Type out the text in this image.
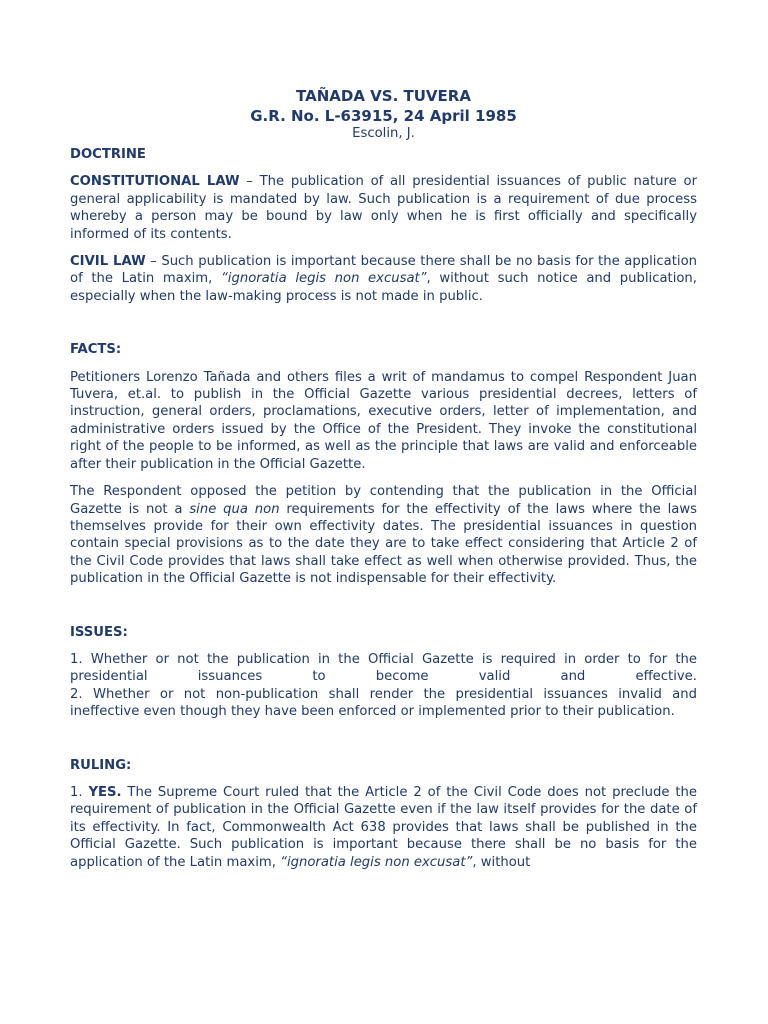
TAÑADA VS. TUVERA
G.R. No. L-63915, 24 April 1985
Escolin, J.
DOCTRINE

CONSTITUTIONAL LAW – The publication of all presidential issuances of public nature or general applicability is mandated by law. Such publication is a requirement of due process whereby a person may be bound by law only when he is first officially and specifically informed of its contents.

CIVIL LAW – Such publication is important because there shall be no basis for the application of the Latin maxim, “ignoratia legis non excusat”, without such notice and publication, especially when the law-making process is not made in public.

FACTS:

Petitioners Lorenzo Tañada and others files a writ of mandamus to compel Respondent Juan Tuvera, et.al. to publish in the Official Gazette various presidential decrees, letters of instruction, general orders, proclamations, executive orders, letter of implementation, and administrative orders issued by the Office of the President. They invoke the constitutional right of the people to be informed, as well as the principle that laws are valid and enforceable after their publication in the Official Gazette.

The Respondent opposed the petition by contending that the publication in the Official Gazette is not a sine qua non requirements for the effectivity of the laws where the laws themselves provide for their own effectivity dates. The presidential issuances in question contain special provisions as to the date they are to take effect considering that Article 2 of the Civil Code provides that laws shall take effect as well when otherwise provided. Thus, the publication in the Official Gazette is not indispensable for their effectivity.

ISSUES:

1. Whether or not the publication in the Official Gazette is required in order to for the presidential issuances to become valid and effective.

2. Whether or not non-publication shall render the presidential issuances invalid and ineffective even though they have been enforced or implemented prior to their publication.

RULING:

1. YES. The Supreme Court ruled that the Article 2 of the Civil Code does not preclude the requirement of publication in the Official Gazette even if the law itself provides for the date of its effectivity. In fact, Commonwealth Act 638 provides that laws shall be published in the Official Gazette. Such publication is important because there shall be no basis for the application of the Latin maxim, “ignoratia legis non excusat”, without
